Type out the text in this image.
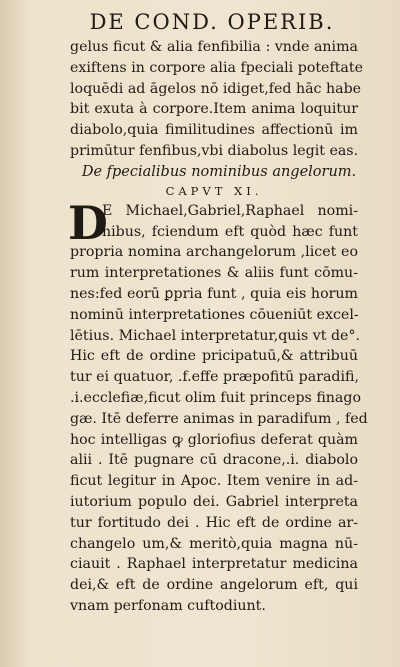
DE COND. OPERIB.
gelus ficut & alia fenfibilia : vnde anima
exiftens in corpore alia fpeciali poteftate
loquēdi ad āgelos nō idiget,fed hāc habe
bit exuta à corpore.Item anima loquitur
diabolo,quia fimilitudines affectionū im
primūtur fenfibus,vbi diabolus legit eas.
De fpecialibus nominibus angelorum.
CAPVT XI.
D
E Michael,Gabriel,Raphael nomi-
nibus, fciendum eft quòd hæc funt
propria nomina archangelorum ,licet eo
rum interpretationes & aliis funt cōmu-
nes:fed eorū ꝑpria funt , quia eis horum
nominū interpretationes cōueniūt excel-
lētius. Michael interpretatur,quis vt de°.
Hic eft de ordine pricipatuū,& attribuū
tur ei quatuor, .f.effe præpofitū paradifi,
.i.ecclefiæ,ficut olim fuit princeps finago
gæ. Itē deferre animas in paradifum , fed
hoc intelligas ꝙ gloriofius deferat quàm
alii . Itē pugnare cū dracone,.i. diabolo
ficut legitur in Apoc. Item venire in ad-
iutorium populo dei. Gabriel interpreta
tur fortitudo dei . Hic eft de ordine ar-
changelo um,& meritò,quia magna nū-
ciauit . Raphael interpretatur medicina
dei,& eft de ordine angelorum eft, qui
vnam perfonam cuftodiunt.
